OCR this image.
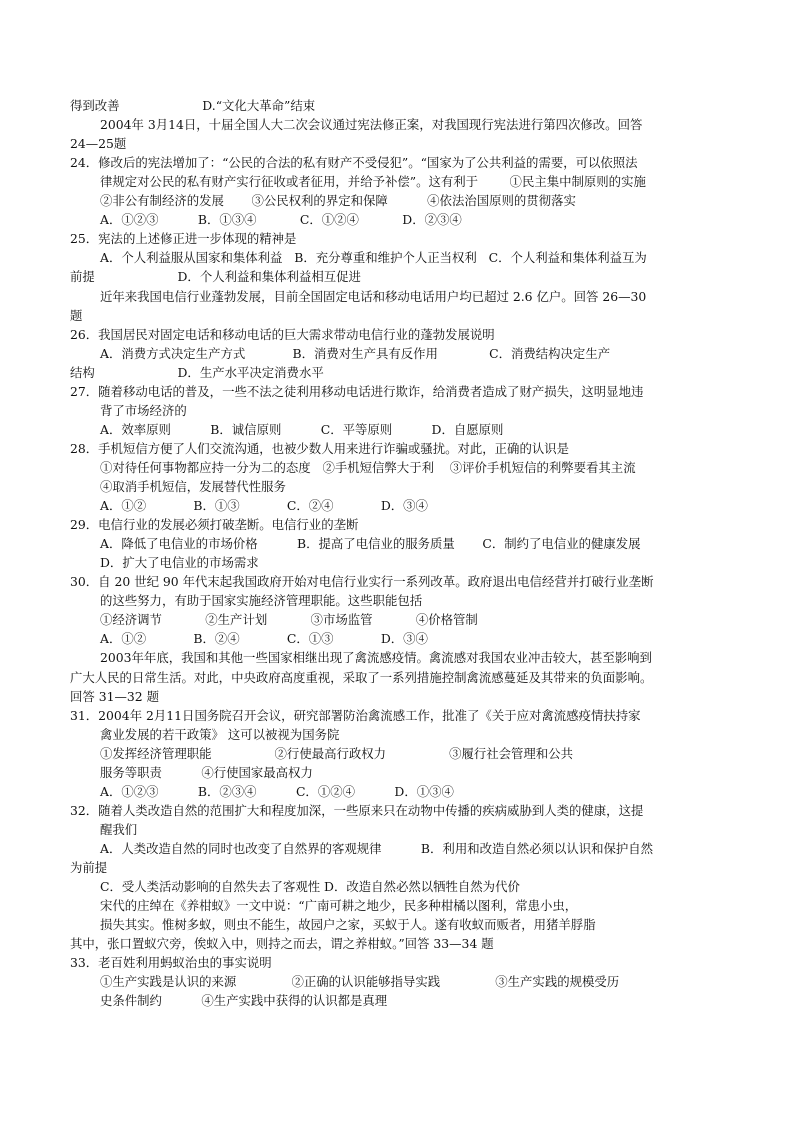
得到改善                     D.“文化大革命”结束
2004年 3月14日，十届全国人大二次会议通过宪法修正案，对我国现行宪法进行第四次修改。回答
24—25题
24．修改后的宪法增加了：“公民的合法的私有财产不受侵犯”。“国家为了公共利益的需要，可以依照法
律规定对公民的私有财产实行征收或者征用，并给予补偿”。这有利于        ①民主集中制原则的实施
②非公有制经济的发展       ③公民权利的界定和保障          ④依法治国原则的贯彻落实
A．①②③          B．①③④           C．①②④           D．②③④
25．宪法的上述修正进一步体现的精神是
A．个人利益服从国家和集体利益   B．充分尊重和维护个人正当权利   C．个人利益和集体利益互为
前提                     D．个人利益和集体利益相互促进
近年来我国电信行业蓬勃发展，目前全国固定电话和移动电话用户均已超过 2.6 亿户。回答 26—30
题
26．我国居民对固定电话和移动电话的巨大需求带动电信行业的蓬勃发展说明
A．消费方式决定生产方式            B．消费对生产具有反作用             C．消费结构决定生产
结构                     D．生产水平决定消费水平
27．随着移动电话的普及，一些不法之徒利用移动电话进行欺诈，给消费者造成了财产损失，这明显地违
背了市场经济的
A．效率原则          B．诚信原则          C．平等原则          D．自愿原则
28．手机短信方便了人们交流沟通，也被少数人用来进行诈骗或骚扰。对此，正确的认识是
①对待任何事物都应持一分为二的态度   ②手机短信弊大于利    ③评价手机短信的利弊要看其主流
④取消手机短信，发展替代性服务
A．①②            B．①③            C．②④            D．③④
29．电信行业的发展必须打破垄断。电信行业的垄断
A．降低了电信业的市场价格          B．提高了电信业的服务质量       C．制约了电信业的健康发展
D．扩大了电信业的市场需求
30．自 20 世纪 90 年代末起我国政府开始对电信行业实行一系列改革。政府退出电信经营并打破行业垄断
的这些努力，有助于国家实施经济管理职能。这些职能包括
①经济调节           ②生产计划           ③市场监管           ④价格管制
A．①②            B．②④            C．①③            D．③④
2003年年底，我国和其他一些国家相继出现了禽流感疫情。禽流感对我国农业冲击较大，甚至影响到
广大人民的日常生活。对此，中央政府高度重视，采取了一系列措施控制禽流感蔓延及其带来的负面影响。
回答 31—32 题
31．2004年 2月11日国务院召开会议，研究部署防治禽流感工作，批准了《关于应对禽流感疫情扶持家
禽业发展的若干政策》 这可以被视为国务院
①发挥经济管理职能                ②行使最高行政权力                ③履行社会管理和公共
服务等职责          ④行使国家最高权力
A．①②③          B．②③④          C．①②④          D．①③④
32．随着人类改造自然的范围扩大和程度加深，一些原来只在动物中传播的疾病威胁到人类的健康，这提
醒我们
A．人类改造自然的同时也改变了自然界的客观规律          B．利用和改造自然必须以认识和保护自然
为前提
C．受人类活动影响的自然失去了客观性 D．改造自然必然以牺牲自然为代价
宋代的庄绰在《养柑蚁》一文中说：“广南可耕之地少，民多种柑橘以图利，常患小虫，
损失其实。惟树多蚁，则虫不能生，故园户之家，买蚁于人。遂有收蚁而贩者，用猪羊脬脂
其中，张口置蚁穴旁，俟蚁入中，则持之而去，谓之养柑蚁。”回答 33—34 题
33．老百姓利用蚂蚁治虫的事实说明
①生产实践是认识的来源              ②正确的认识能够指导实践              ③生产实践的规模受历
史条件制约          ④生产实践中获得的认识都是真理
